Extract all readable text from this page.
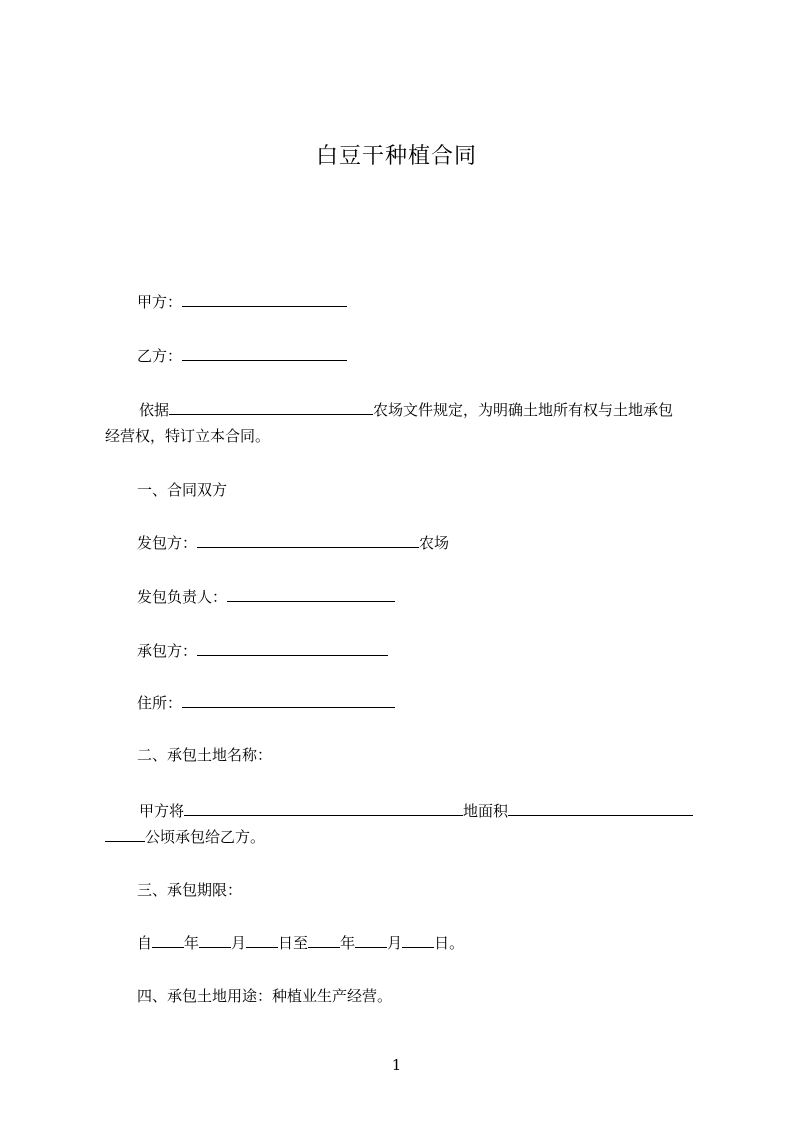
白豆干种植合同
甲方：
乙方：
依据	农场文件规定，为明确土地所有权与土地承包
经营权，特订立本合同。
一、合同双方
发包方：	农场
发包负责人：
承包方：
住所：
二、承包土地名称：
甲方将	地面积
公顷承包给乙方。
三、承包期限：
自 年 月 日至 年 月 日。
四、承包土地用途：种植业生产经营。
1
